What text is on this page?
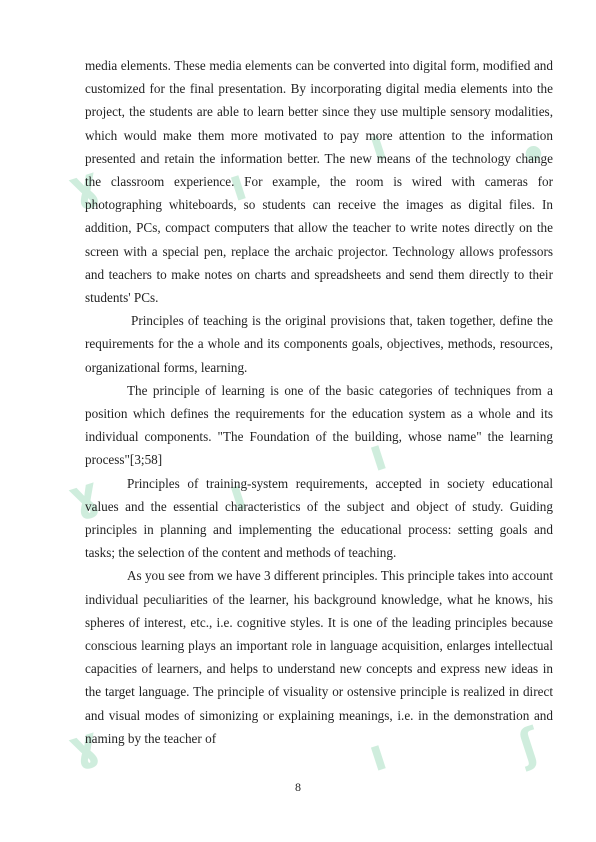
ɣ
ɣ
ɣ
ı
ı
ı
ı
ı
•
ʃ

media elements. These media elements can be converted into digital form, modified and customized for the final presentation. By incorporating digital media elements into the project, the students are able to learn better since they use multiple sensory modalities, which would make them more motivated to pay more attention to the information presented and retain the information better. The new means of the technology change the classroom experience. For example, the room is wired with cameras for photographing whiteboards, so students can receive the images as digital files. In addition, PCs, compact computers that allow the teacher to write notes directly on the screen with a special pen, replace the archaic projector. Technology allows professors and teachers to make notes on charts and spreadsheets and send them directly to their students' PCs.

Principles of teaching is the original provisions that, taken together, define the requirements for the a whole and its components goals, objectives, methods, resources, organizational forms, learning.

The principle of learning is one of the basic categories of techniques from a position which defines the requirements for the education system as a whole and its individual components. "The Foundation of the building, whose name" the learning process"[3;58]

Principles of training-system requirements, accepted in society educational values and the essential characteristics of the subject and object of study. Guiding principles in planning and implementing the educational process: setting goals and tasks; the selection of the content and methods of teaching.

As you see from we have 3 different principles. This principle takes into account individual peculiarities of the learner, his background knowledge, what he knows, his spheres of interest, etc., i.e. cognitive styles. It is one of the leading principles because conscious learning plays an important role in language acquisition, enlarges intellectual capacities of learners, and helps to understand new concepts and express new ideas in the target language. The principle of visuality or ostensive principle is realized in direct and visual modes of simonizing or explaining meanings, i.e. in the demonstration and naming by the teacher of

8
